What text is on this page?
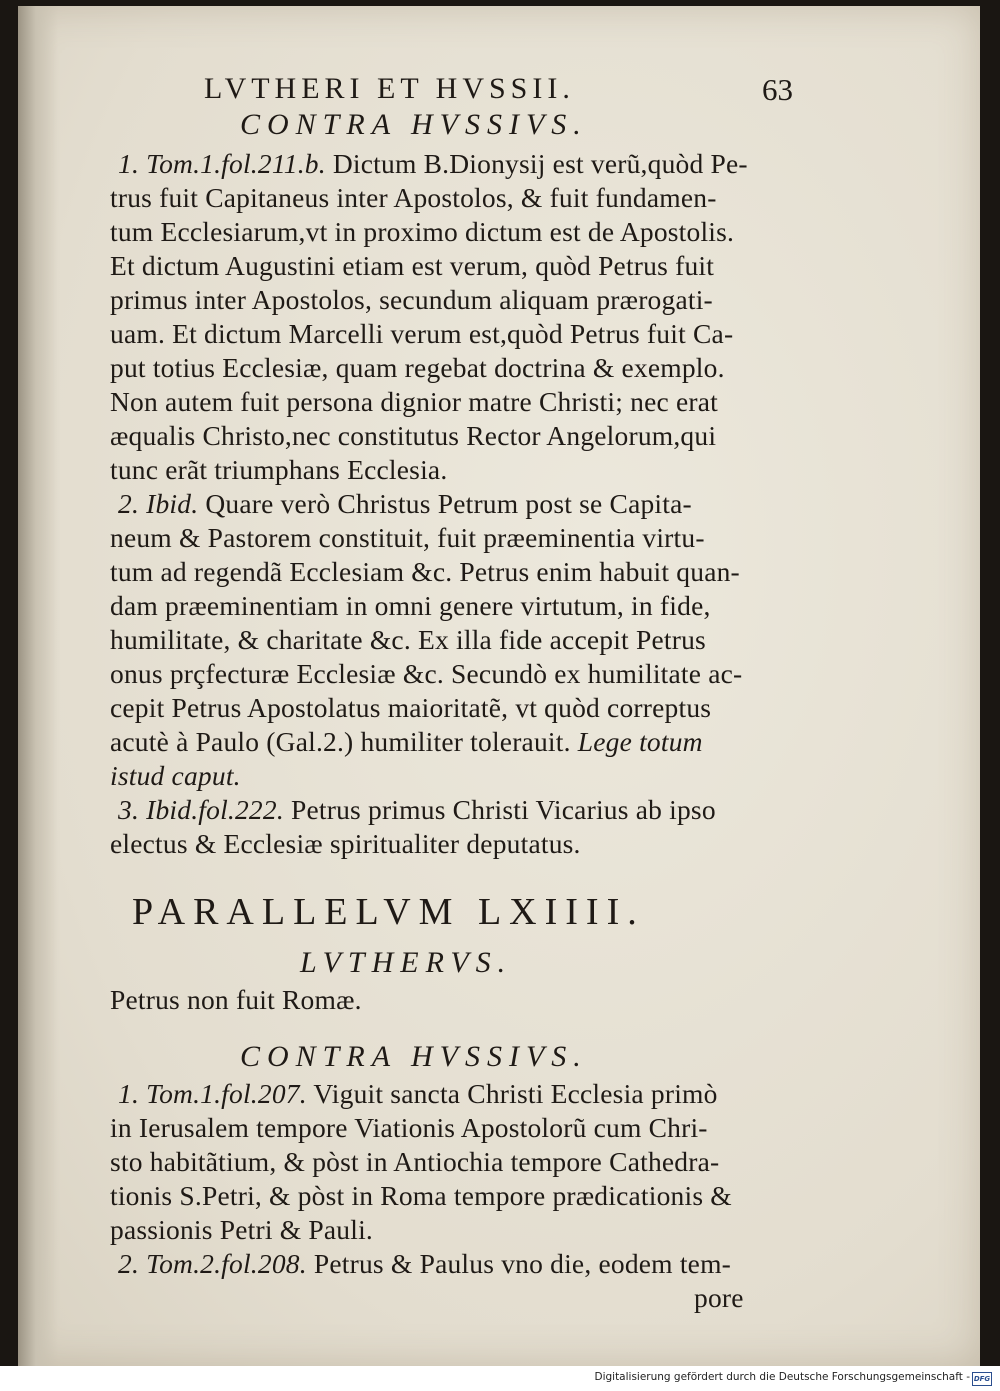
LVTHERI ET HVSSII.	63
CONTRA HVSSIVS.
1. Tom.1.fol.211.b. Dictum B.Dionysij est verũ,quòd Pe-
trus fuit Capitaneus inter Apostolos, & fuit fundamen-
tum Ecclesiarum,vt in proximo dictum est de Apostolis.
Et dictum Augustini etiam est verum, quòd Petrus fuit
primus inter Apostolos, secundum aliquam prærogati-
uam. Et dictum Marcelli verum est,quòd Petrus fuit Ca-
put totius Ecclesiæ, quam regebat doctrina & exemplo.
Non autem fuit persona dignior matre Christi; nec erat
æqualis Christo,nec constitutus Rector Angelorum,qui
tunc erãt triumphans Ecclesia.
2. Ibid. Quare verò Christus Petrum post se Capita-
neum & Pastorem constituit, fuit præeminentia virtu-
tum ad regendã Ecclesiam &c. Petrus enim habuit quan-
dam præeminentiam in omni genere virtutum, in fide,
humilitate, & charitate &c. Ex illa fide accepit Petrus
onus prçfecturæ Ecclesiæ &c. Secundò ex humilitate ac-
cepit Petrus Apostolatus maioritatẽ, vt quòd correptus
acutè à Paulo (Gal.2.) humiliter tolerauit. Lege totum
istud caput.
3. Ibid.fol.222. Petrus primus Christi Vicarius ab ipso
electus & Ecclesiæ spiritualiter deputatus.
PARALLELVM LXIIII.
LVTHERVS.
Petrus non fuit Romæ.
CONTRA HVSSIVS.
1. Tom.1.fol.207. Viguit sancta Christi Ecclesia primò
in Ierusalem tempore Viationis Apostolorũ cum Chri-
sto habitãtium, & pòst in Antiochia tempore Cathedra-
tionis S.Petri, & pòst in Roma tempore prædicationis &
passionis Petri & Pauli.
2. Tom.2.fol.208. Petrus & Paulus vno die, eodem tem-
pore
Digitalisierung gefördert durch die Deutsche Forschungsgemeinschaft - DFG
